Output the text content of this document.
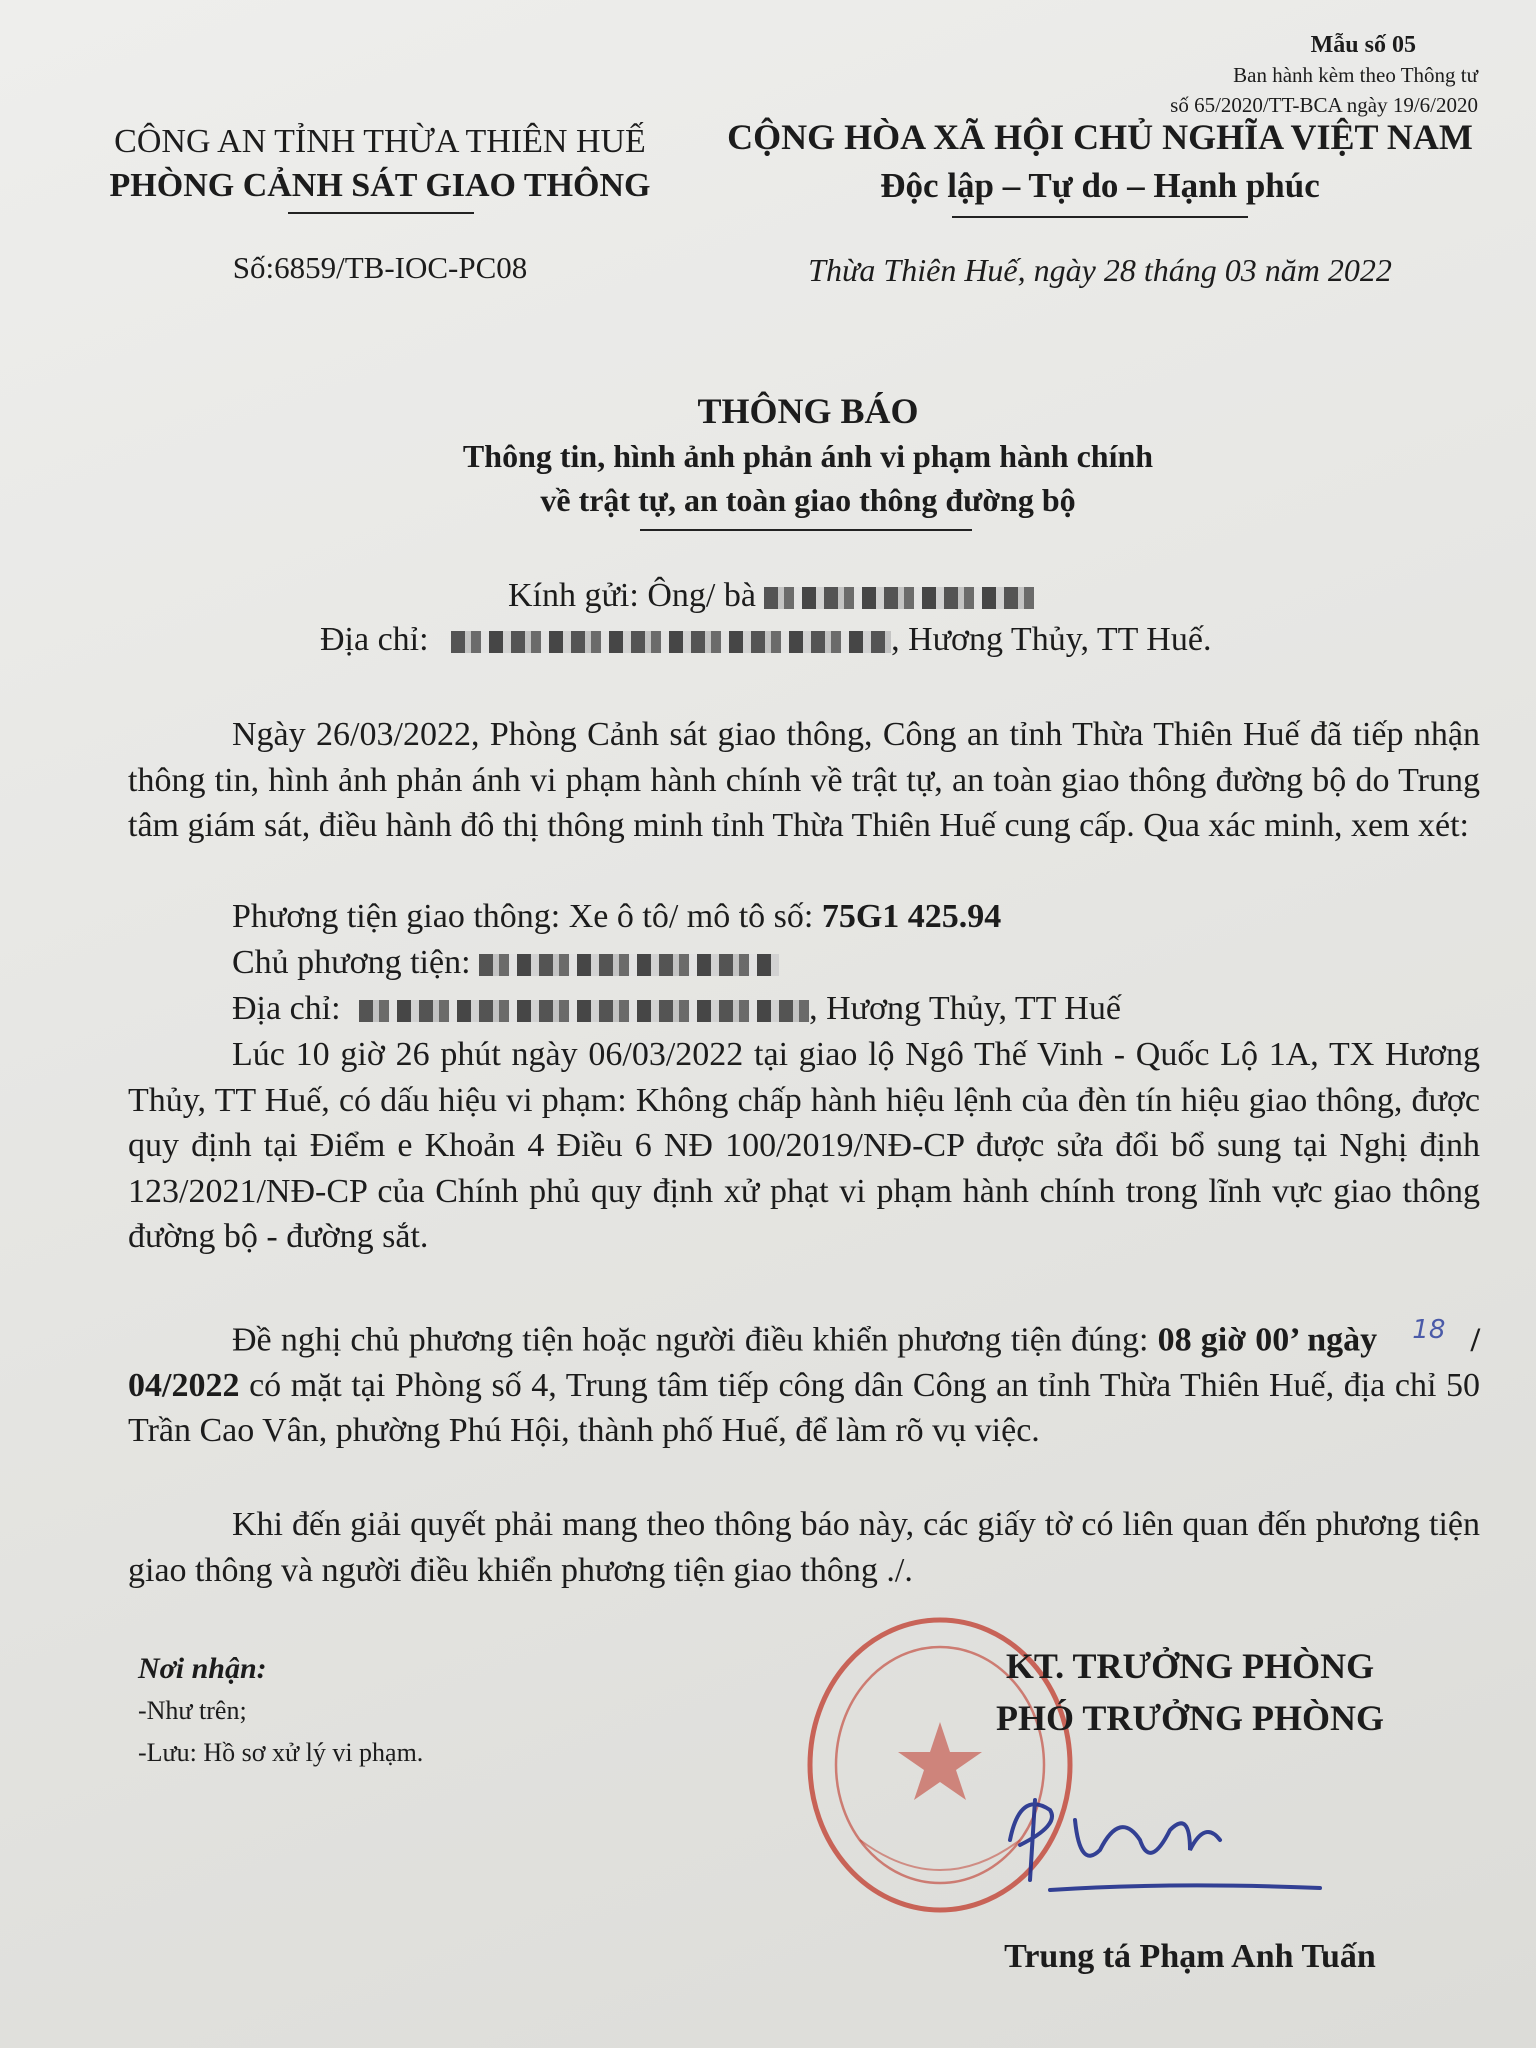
Mẫu số 05
Ban hành kèm theo Thông tư
số 65/2020/TT-BCA ngày 19/6/2020
CÔNG AN TỈNH THỪA THIÊN HUẾ
PHÒNG CẢNH SÁT GIAO THÔNG
Số:6859/TB-IOC-PC08
CỘNG HÒA XÃ HỘI CHỦ NGHĨA VIỆT NAM
Độc lập – Tự do – Hạnh phúc
Thừa Thiên Huế, ngày 28 tháng 03 năm 2022
THÔNG BÁO
Thông tin, hình ảnh phản ánh vi phạm hành chính
về trật tự, an toàn giao thông đường bộ
Kính gửi: Ông/ bà
Địa chỉ:	, Hương Thủy, TT Huế.
Ngày 26/03/2022, Phòng Cảnh sát giao thông, Công an tỉnh Thừa Thiên Huế đã tiếp nhận thông tin, hình ảnh phản ánh vi phạm hành chính về trật tự, an toàn giao thông đường bộ do Trung tâm giám sát, điều hành đô thị thông minh tỉnh Thừa Thiên Huế cung cấp. Qua xác minh, xem xét:
Phương tiện giao thông: Xe ô tô/ mô tô số: 75G1 425.94
Chủ phương tiện:
Địa chỉ:	, Hương Thủy, TT Huế
Lúc 10 giờ 26 phút ngày 06/03/2022 tại giao lộ Ngô Thế Vinh - Quốc Lộ 1A, TX Hương Thủy, TT Huế, có dấu hiệu vi phạm: Không chấp hành hiệu lệnh của đèn tín hiệu giao thông, được quy định tại Điểm e Khoản 4 Điều 6 NĐ 100/2019/NĐ-CP được sửa đổi bổ sung tại Nghị định 123/2021/NĐ-CP của Chính phủ quy định xử phạt vi phạm hành chính trong lĩnh vực giao thông đường bộ - đường sắt.
Đề nghị chủ phương tiện hoặc người điều khiển phương tiện đúng: 08 giờ 00’ ngày $^{18}$ / 04/2022 có mặt tại Phòng số 4, Trung tâm tiếp công dân Công an tỉnh Thừa Thiên Huế, địa chỉ 50 Trần Cao Vân, phường Phú Hội, thành phố Huế, để làm rõ vụ việc.
Khi đến giải quyết phải mang theo thông báo này, các giấy tờ có liên quan đến phương tiện giao thông và người điều khiển phương tiện giao thông ./.
Nơi nhận:
-Như trên;
-Lưu: Hồ sơ xử lý vi phạm.
KT. TRƯỞNG PHÒNG
PHÓ TRƯỞNG PHÒNG
Trung tá Phạm Anh Tuấn
